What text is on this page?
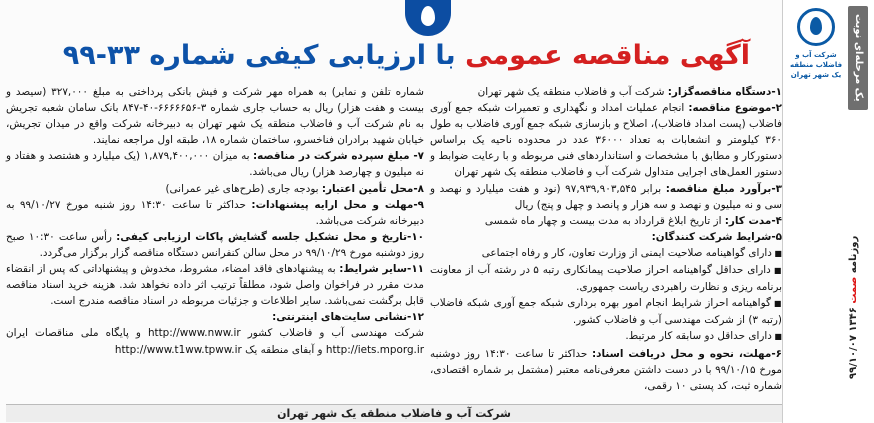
آگهی مناقصه عمومی با ارزیابی کیفی شماره ۳۳-۹۹

۱-دستگاه مناقصه‌گزار: شرکت آب و فاضلاب منطقه یک شهر تهران

۲-موضوع مناقصه: انجام عملیات امداد و نگهداری و تعمیرات شبکه جمع آوری فاضلاب (پست امداد فاضلاب)، اصلاح و بازسازی شبکه جمع آوری فاضلاب به طول ۳۶۰ کیلومتر و انشعابات به تعداد ۳۶۰۰۰ عدد در محدوده ناحیه یک براساس دستورکار و مطابق با مشخصات و استانداردهای فنی مربوطه و با رعایت ضوابط و دستور العمل‌های اجرایی متداول شرکت آب و فاضلاب منطقه یک شهر تهران

۳-برآورد مبلغ مناقصه: برابر ۹۷,۹۳۹,۹۰۳,۵۴۵ (نود و هفت میلیارد و نهصد و سی و نه میلیون و نهصد و سه هزار و پانصد و چهل و پنج) ریال

۴-مدت کار: از تاریخ ابلاغ قرارداد به مدت بیست و چهار ماه شمسی

۵-شرایط شرکت کنندگان:

■ دارای گواهینامه صلاحیت ایمنی از وزارت تعاون، کار و رفاه اجتماعی

■ دارای حداقل گواهینامه احراز صلاحیت پیمانکاری رتبه ۵ در رشته آب از معاونت برنامه ریزی و نظارت راهبردی ریاست جمهوری.

■ گواهینامه احراز شرایط انجام امور بهره برداری شبکه جمع آوری شبکه فاضلاب (رتبه ۳) از شرکت مهندسی آب و فاضلاب کشور.

■ دارای حداقل دو سابقه کار مرتبط.

۶-مهلت، نحوه و محل دریافت اسناد: حداکثر تا ساعت ۱۴:۳۰ روز دوشنبه مورخ ۹۹/۱۰/۱۵ با در دست داشتن معرفی‌نامه معتبر (مشتمل بر شماره اقتصادی، شماره ثبت، کد پستی ۱۰ رقمی،

شماره تلفن و نمابر) به همراه مهر شرکت و فیش بانکی پرداختی به مبلغ ۳۲۷,۰۰۰ (سیصد و بیست و هفت هزار) ریال به حساب جاری شماره ۳-۶۶۶۶۶۵۶-۴۰-۸۴۷ بانک سامان شعبه تجریش به نام شرکت آب و فاضلاب منطقه یک شهر تهران به دبیرخانه شرکت واقع در میدان تجریش، خیابان شهید برادران فناخسرو، ساختمان شماره ۱۸، طبقه اول مراجعه نمایند.

۷- مبلغ سپرده شرکت در مناقصه: به میزان ۱,۸۷۹,۴۰۰,۰۰۰ (یک میلیارد و هشتصد و هفتاد و نه میلیون و چهارصد هزار) ریال می‌باشد.

۸-محل تأمین اعتبار: بودجه جاری (طرح‌های غیر عمرانی)

۹-مهلت و محل ارایه پیشنهادات: حداکثر تا ساعت ۱۴:۳۰ روز شنبه مورخ ۹۹/۱۰/۲۷ به دبیرخانه شرکت می‌باشد.

۱۰-تاریخ و محل تشکیل جلسه گشایش پاکات ارزیابی کیفی: رأس ساعت ۱۰:۳۰ صبح روز دوشنبه مورخ ۹۹/۱۰/۲۹ در محل سالن کنفرانس دستگاه مناقصه گزار برگزار می‌گردد.

۱۱-سایر شرایط: به پیشنهادهای فاقد امضاء، مشروط، مخدوش و پیشنهاداتی که پس از انقضاء مدت مقرر در فراخوان واصل شود، مطلقاً ترتیب اثر داده نخواهد شد. هزینه خرید اسناد مناقصه قابل برگشت نمی‌باشد. سایر اطلاعات و جزئیات مربوطه در اسناد مناقصه مندرج است.

۱۲-نشانی سایت‌های اینترنتی:

شرکت مهندسی آب و فاضلاب کشور http://www.nww.ir و پایگاه ملی مناقصات ایران http://iets.mporg.ir و آبفای منطقه یک http://www.t1ww.tpww.ir

شرکت آب و فاضلاب منطقه یک شهر تهران
یک مرحله‌ای نوبت اول
شرکت آب و فاضلاب منطقه یک شهر تهران
روزنامه صمت ۱۳۴۶ ۹۹/۱۰/۰۷
